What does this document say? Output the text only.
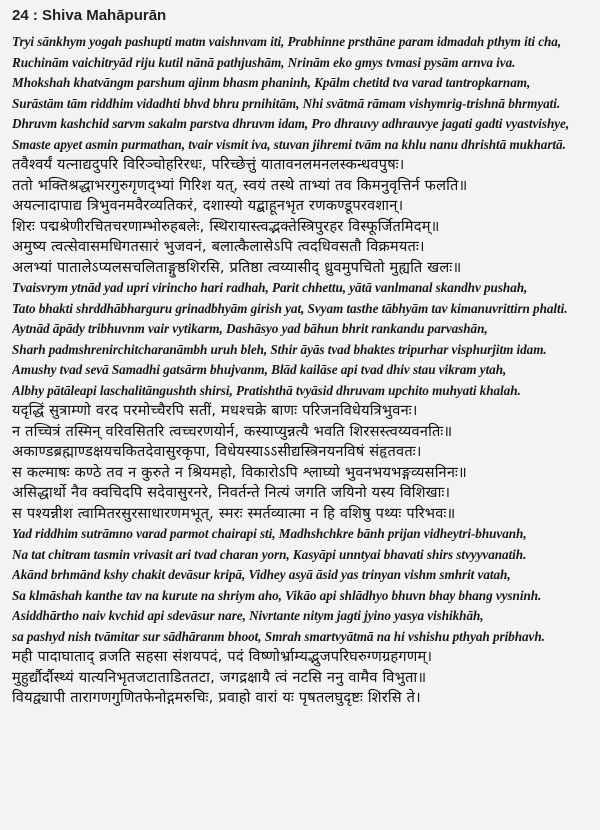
24 : Shiva Mahāpurān
Tryi sānkhym yogah pashupti matm vaishnvam iti, Prabhinne prsthāne param idmadah pthym iti cha,
Ruchinām vaichitryād riju kutil nānā pathjushām, Nrinām eko gmys tvmasi pysām arnva iva.
Mhokshah khatvāngm parshum ajinm bhasm phaninh, Kpālm chetitd tva varad tantropkarnam,
Surāstām tām riddhim vidadhti bhvd bhru prnihitām, Nhi svātmā rāmam vishymrig-trishnā bhrmyati.
Dhruvm kashchid sarvm sakalm parstva dhruvm idam, Pro dhrauvy adhrauvye jagati gadti vyastvishye,
Smaste apyet asmin purmathan, tvair vismit iva, stuvan jihremi tvām na khlu nanu dhrishtā mukhartā.
तवैश्वर्यं यत्नाद्यदुपरि विरिञ्चोहरिरधः, परिच्छेत्तुं यातावनलमनलस्कन्धवपुषः।
ततो भक्तिश्रद्धाभरगुरुगृणद्‌भ्यां गिरिश यत्, स्वयं तस्थे ताभ्यां तव किमनुवृत्तिर्न फलति॥
अयत्नादापाद्य त्रिभुवनमवैरव्यतिकरं, दशास्यो यद्बाहूनभृत रणकण्डूपरवशान्।
शिरः पद्मश्रेणीरचितचरणाम्भोरुहबलेः, स्थिरायास्त्वद्भक्तेस्त्रिपुरहर विस्फूर्जितमिदम्॥
अमुष्य त्वत्सेवासमधिगतसारं भुजवनं, बलात्कैलासेऽपि त्वदधिवसतौ विक्रमयतः।
अलभ्यां पातालेऽप्यलसचलिताङ्गुष्ठशिरसि, प्रतिष्ठा त्वय्यासीद् ध्रुवमुपचितो मुह्यति खलः॥
Tvaisvrym ytnād yad upri virincho hari radhah, Parit chhettu, yātā vanlmanal skandhv pushah,
Tato bhakti shrddhābharguru grinadbhyām girish yat, Svyam tasthe tābhyām tav kimanuvrittirn phalti.
Aytnād āpādy tribhuvnm vair vytikarm, Dashāsyo yad bāhun bhrit rankandu parvashān,
Sharh padmshrenirchitcharanāmbh uruh bleh, Sthir āyās tvad bhaktes tripurhar visphurjitm idam.
Amushy tvad sevā Samadhi gatsārm bhujvanm, Blād kailāse api tvad dhiv stau vikram ytah,
Albhy pātāleapi laschalitāngushth shirsi, Pratishthā tvyāsid dhruvam upchito muhyati khalah.
यदृद्धिं सुत्राम्णो वरद परमोच्चैरपि सतीं, मधश्चक्रे बाणः परिजनविधेयत्रिभुवनः।
न तच्चित्रं तस्मिन् वरिवसितरि त्वच्चरणयोर्न, कस्याप्युन्नत्यै भवति शिरसस्त्वय्यवनतिः॥
अकाण्डब्रह्माण्डक्षयचकितदेवासुरकृपा, विधेयस्याऽऽसीद्यस्त्रिनयनविषं संहृतवतः।
स कल्माषः कण्ठे तव न कुरुते न श्रियमहो, विकारोऽपि श्लाघ्यो भुवनभयभङ्गव्यसनिनः॥
असिद्धार्थो नैव क्वचिदपि सदेवासुरनरे, निवर्तन्ते नित्यं जगति जयिनो यस्य विशिखाः।
स पश्यन्नीश त्वामितरसुरसाधारणमभूत्, स्मरः स्मर्तव्यात्मा न हि वशिषु पथ्यः परिभवः॥
Yad riddhim sutrāmno varad parmot chairapi sti, Madhshchkre bānh prijan vidheytri-bhuvanh,
Na tat chitram tasmin vrivasit ari tvad charan yorn, Kasyāpi unntyai bhavati shirs stvyyvanatih.
Akānd brhmānd kshy chakit devāsur kripā, Vidhey asyā āsid yas trinyan vishm smhrit vatah,
Sa klmāshah kanthe tav na kurute na shriym aho, Vikāo api shlādhyo bhuvn bhay bhang vysninh.
Asiddhārtho naiv kvchid api sdevāsur nare, Nivrtante nitym jagti jyino yasya vishikhāh,
sa pashyd nish tvāmitar sur sādhāranm bhoot, Smrah smartvyātmā na hi vshishu pthyah pribhavh.
मही पादाघाताद् व्रजति सहसा संशयपदं, पदं विष्णोर्भ्राम्यद्भुजपरिघरुग्णग्रहगणम्।
मुहुर्द्यौर्दौस्थ्यं यात्यनिभृतजटाताडिततटा, जगद्रक्षायै त्वं नटसि ननु वामैव विभुता॥
वियद्व्यापी तारागणगुणितफेनोद्गमरुचिः, प्रवाहो वारां यः पृषतलघुदृष्टः शिरसि ते।
